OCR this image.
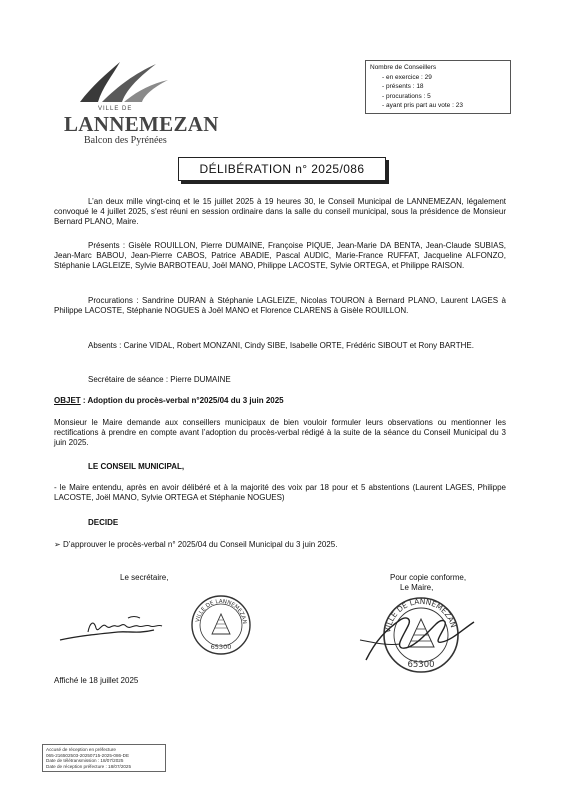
VILLE DE
LANNEMEZAN
Balcon des Pyrénées
Nombre de Conseillers
- en exercice : 29
- présents : 18
- procurations : 5
- ayant pris part au vote : 23
DÉLIBÉRATION n° 2025/086
L’an deux mille vingt-cinq et le 15 juillet 2025 à 19 heures 30, le Conseil Municipal de LANNEMEZAN, légalement convoqué le 4 juillet 2025, s’est réuni en session ordinaire dans la salle du conseil municipal, sous la présidence de Monsieur Bernard PLANO, Maire.
Présents : Gisèle ROUILLON, Pierre DUMAINE, Françoise PIQUE, Jean-Marie DA BENTA, Jean-Claude SUBIAS, Jean-Marc BABOU, Jean-Pierre CABOS, Patrice ABADIE, Pascal AUDIC, Marie-France RUFFAT, Jacqueline ALFONZO, Stéphanie LAGLEIZE, Sylvie BARBOTEAU, Joël MANO, Philippe LACOSTE, Sylvie ORTEGA, et Philippe RAISON.
Procurations : Sandrine DURAN à Stéphanie LAGLEIZE, Nicolas TOURON à Bernard PLANO, Laurent LAGES à Philippe LACOSTE, Stéphanie NOGUES à Joël MANO et Florence CLARENS à Gisèle ROUILLON.
Absents : Carine VIDAL, Robert MONZANI, Cindy SIBE, Isabelle ORTE, Frédéric SIBOUT et Rony BARTHE.
Secrétaire de séance : Pierre DUMAINE
OBJET : Adoption du procès-verbal n°2025/04 du 3 juin 2025
Monsieur le Maire demande aux conseillers municipaux de bien vouloir formuler leurs observations ou mentionner les rectifications à prendre en compte avant l’adoption du procès-verbal rédigé à la suite de la séance du Conseil Municipal du 3 juin 2025.
LE CONSEIL MUNICIPAL,
- le Maire entendu, après en avoir délibéré et à la majorité des voix par 18 pour et 5 abstentions (Laurent LAGES, Philippe LACOSTE, Joël MANO, Sylvie ORTEGA et Stéphanie NOGUES)
DECIDE
➢ D’approuver le procès-verbal n° 2025/04 du Conseil Municipal du 3 juin 2025.
Le secrétaire,	Pour copie conforme,
Le Maire,
VILLE DE LANNEMEZAN
65300
VILLE DE LANNEMEZAN
65300
Affiché le 18 juillet 2025
Accusé de réception en préfecture
065-216502503-20250715-2025-086-DE
Date de télétransmission : 18/07/2025
Date de réception préfecture : 18/07/2025
